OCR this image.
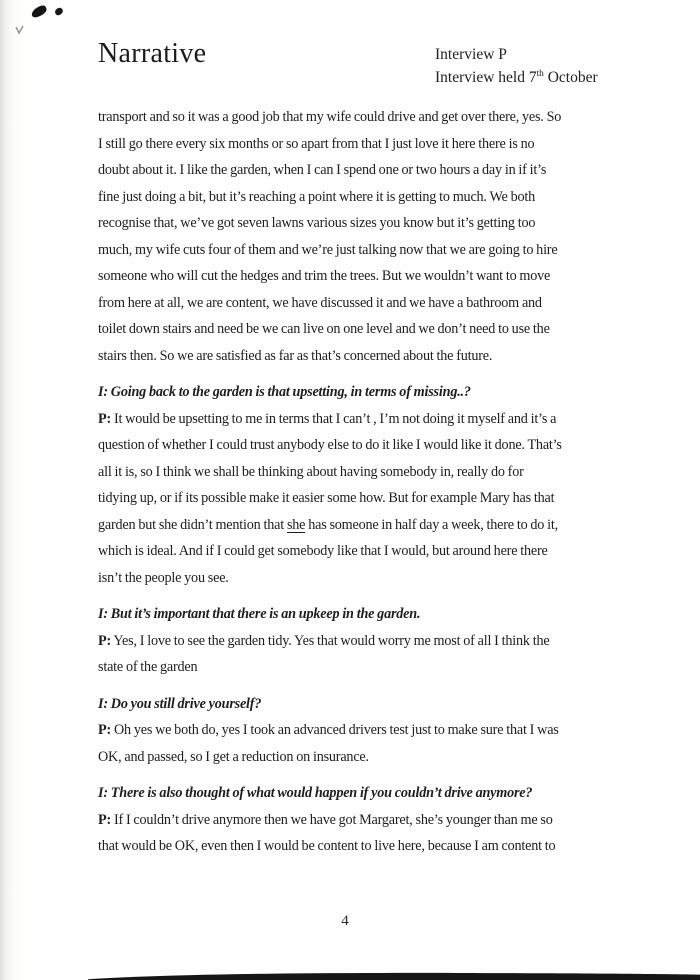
Narrative	Interview P
Interview held 7th October
transport and so it was a good job that my wife could drive and get over there, yes. So
I still go there every six months or so apart from that I just love it here there is no
doubt about it. I like the garden, when I can I spend one or two hours a day in if it’s
fine just doing a bit, but it’s reaching a point where it is getting to much. We both
recognise that, we’ve got seven lawns various sizes you know but it’s getting too
much, my wife cuts four of them and we’re just talking now that we are going to hire
someone who will cut the hedges and trim the trees. But we wouldn’t want to move
from here at all, we are content, we have discussed it and we have a bathroom and
toilet down stairs and need be we can live on one level and we don’t need to use the
stairs then. So we are satisfied as far as that’s concerned about the future.
I: Going back to the garden is that upsetting, in terms of missing..?
P: It would be upsetting to me in terms that I can’t , I’m not doing it myself and it’s a
question of whether I could trust anybody else to do it like I would like it done. That’s
all it is, so I think we shall be thinking about having somebody in, really do for
tidying up, or if its possible make it easier some how. But for example Mary has that
garden but she didn’t mention that she has someone in half day a week, there to do it,
which is ideal. And if I could get somebody like that I would, but around here there
isn’t the people you see.
I: But it’s important that there is an upkeep in the garden.
P: Yes, I love to see the garden tidy. Yes that would worry me most of all I think the
state of the garden
I: Do you still drive yourself?
P: Oh yes we both do, yes I took an advanced drivers test just to make sure that I was
OK, and passed, so I get a reduction on insurance.
I: There is also thought of what would happen if you couldn’t drive anymore?
P: If I couldn’t drive anymore then we have got Margaret, she’s younger than me so
that would be OK, even then I would be content to live here, because I am content to
4
